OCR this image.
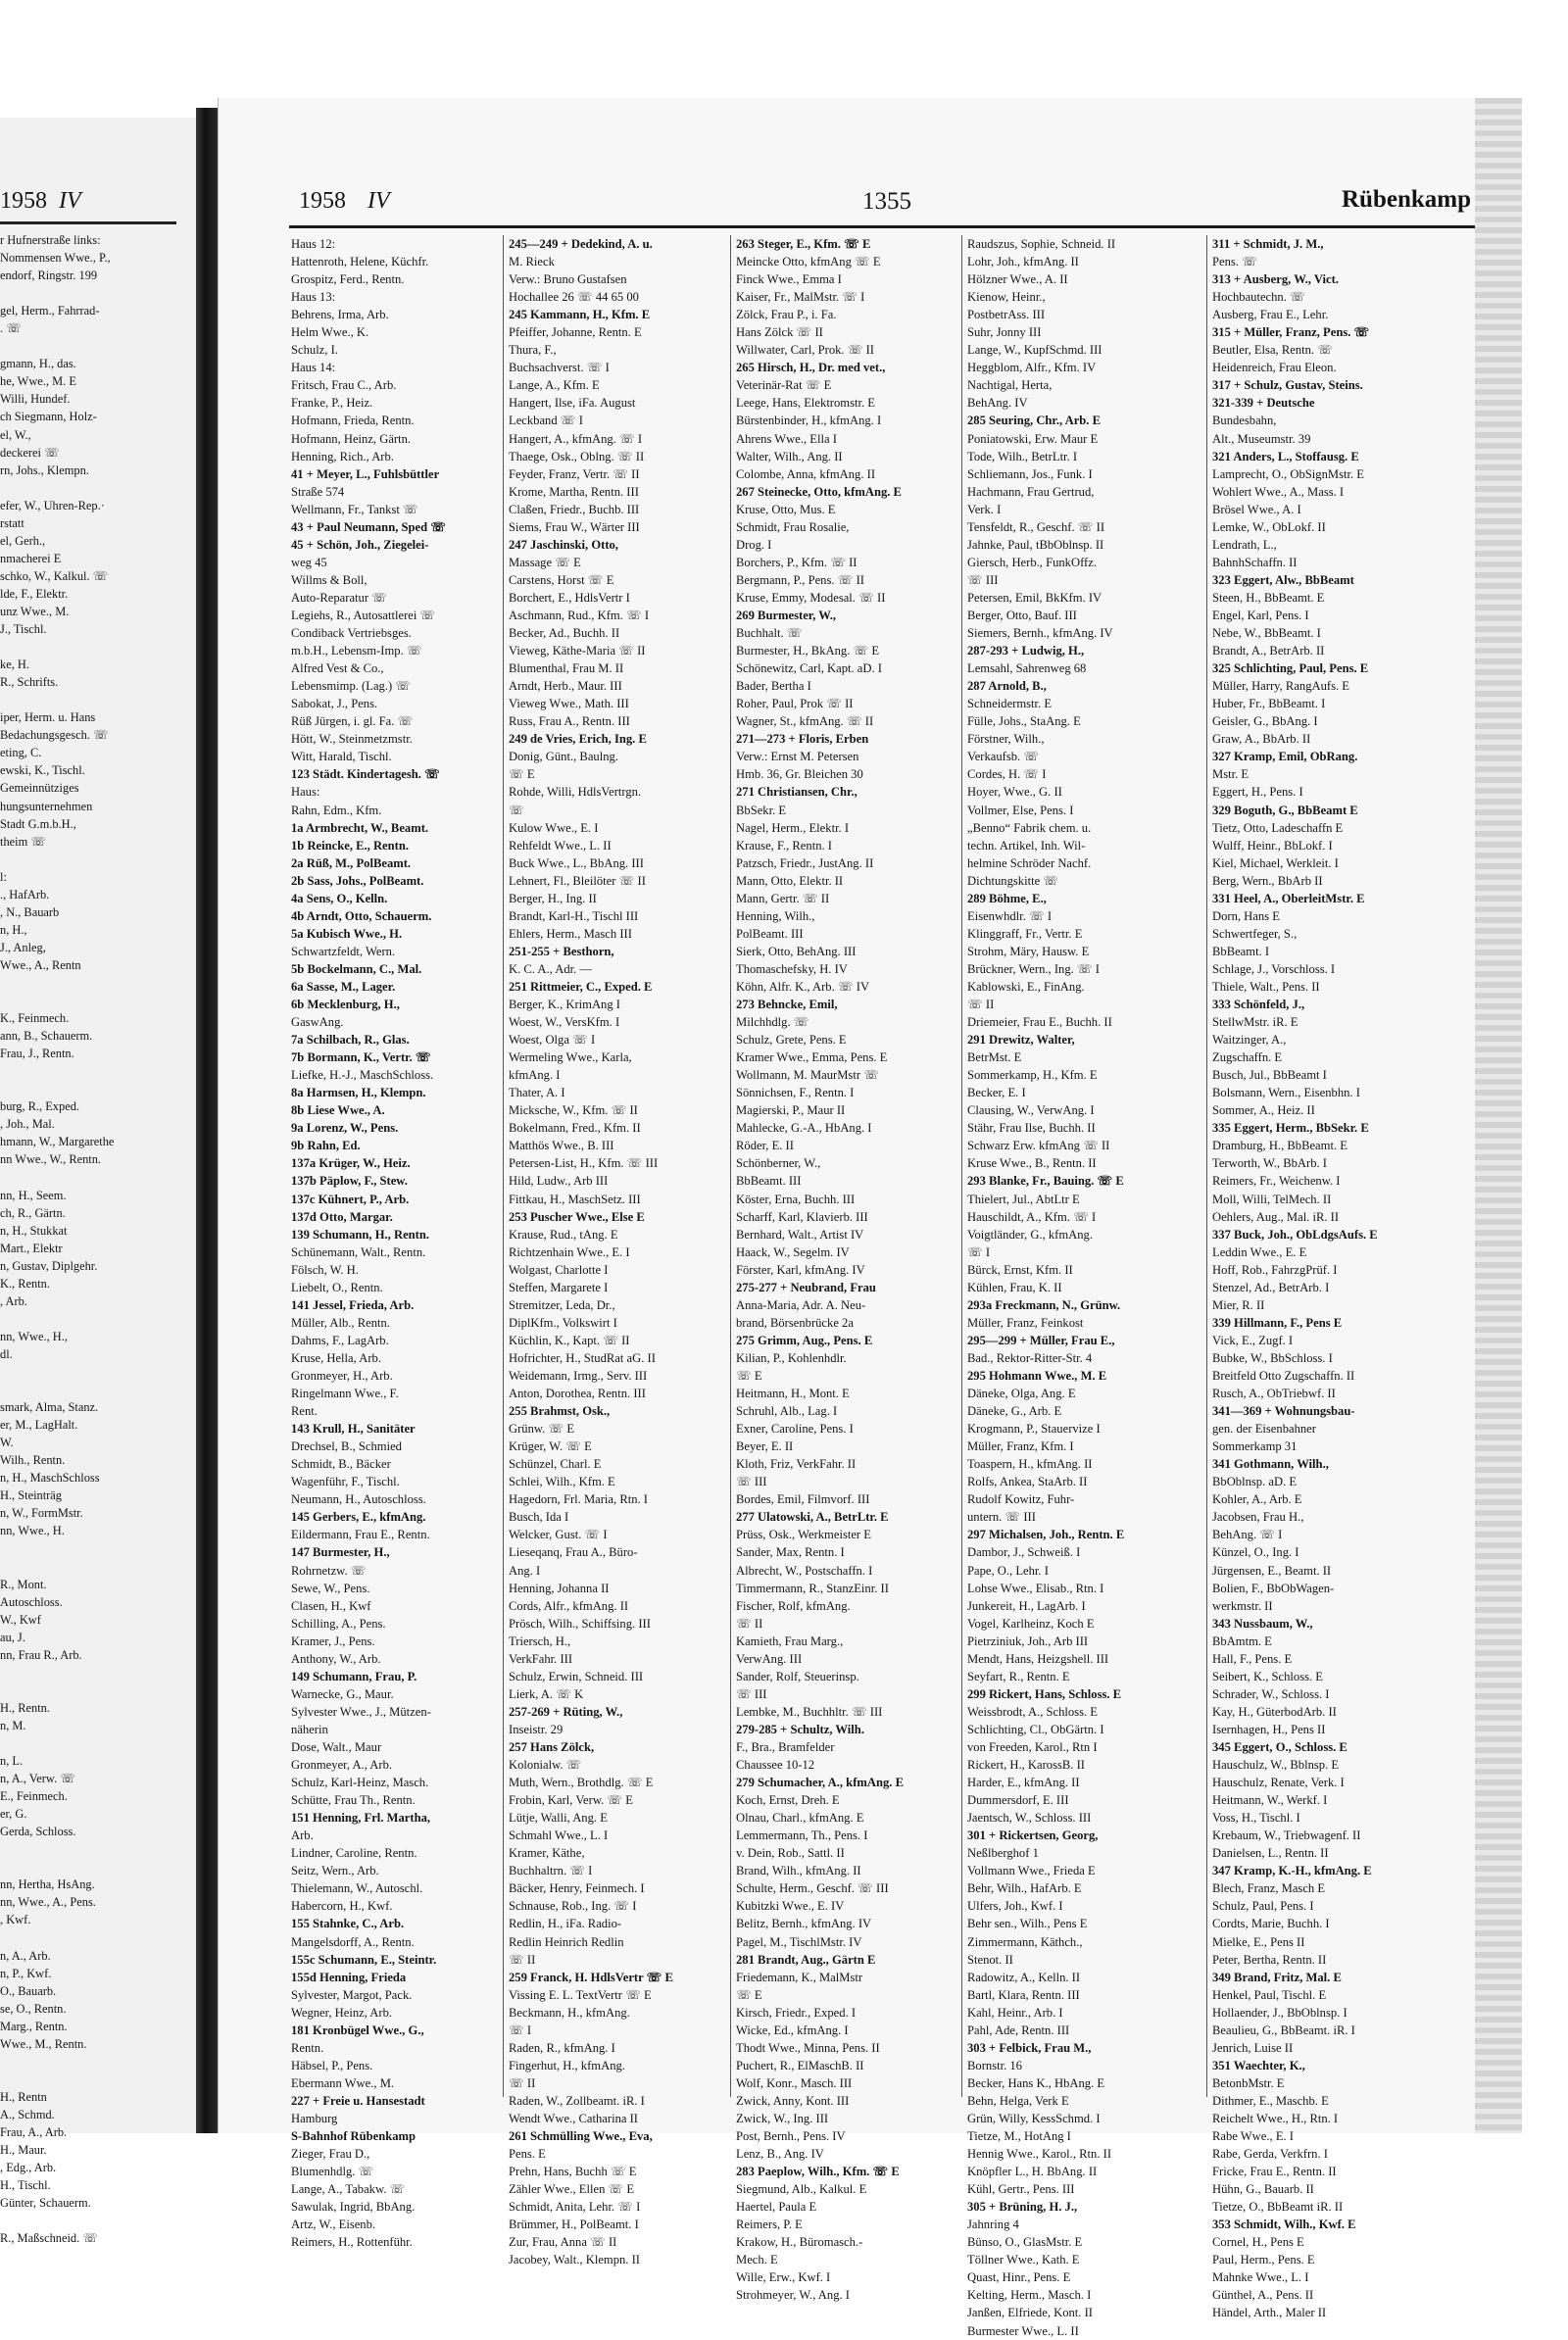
1958 IV
r Hufnerstraße links:
Nommensen Wwe., P.,
endorf, Ringstr. 199
gel, Herm., Fahrrad-
. ☏
gmann, H., das.
he, Wwe., M. E
Willi, Hundef.
ch Siegmann, Holz-
el, W.,
deckerei ☏
rn, Johs., Klempn.
efer, W., Uhren-Rep.·
rstatt
el, Gerh.,
nmacherei E
schko, W., Kalkul. ☏
lde, F., Elektr.
unz Wwe., M.
J., Tischl.
ke, H.
R., Schrifts.
iper, Herm. u. Hans
Bedachungsgesch. ☏
eting, C.
ewski, K., Tischl.
Gemeinnütziges
hungsunternehmen
Stadt G.m.b.H.,
theim ☏
l:
., HafArb.
, N., Bauarb
n, H.,
J., Anleg,
Wwe., A., Rentn
K., Feinmech.
ann, B., Schauerm.
Frau, J., Rentn.
burg, R., Exped.
, Joh., Mal.
hmann, W., Margarethe
nn Wwe., W., Rentn.
nn, H., Seem.
ch, R., Gärtn.
n, H., Stukkat
Mart., Elektr
n, Gustav, Diplgehr.
K., Rentn.
, Arb.
nn, Wwe., H.,
dl.
smark, Alma, Stanz.
er, M., LagHalt.
W.
Wilh., Rentn.
n, H., MaschSchloss
H., Steinträg
n, W., FormMstr.
nn, Wwe., H.
R., Mont.
Autoschloss.
W., Kwf
au, J.
nn, Frau R., Arb.
H., Rentn.
n, M.
n, L.
n, A., Verw. ☏
E., Feinmech.
er, G.
Gerda, Schloss.
nn, Hertha, HsAng.
nn, Wwe., A., Pens.
, Kwf.
n, A., Arb.
n, P., Kwf.
O., Bauarb.
se, O., Rentn.
Marg., Rentn.
Wwe., M., Rentn.
H., Rentn
A., Schmd.
Frau, A., Arb.
H., Maur.
, Edg., Arb.
H., Tischl.
Günter, Schauerm.
R., Maßschneid. ☏
1958 IV	1355	Rübenkamp
Haus 12:
Hattenroth, Helene, Küchfr.
Grospitz, Ferd., Rentn.
Haus 13:
Behrens, Irma, Arb.
Helm Wwe., K.
Schulz, I.
Haus 14:
Fritsch, Frau C., Arb.
Franke, P., Heiz.
Hofmann, Frieda, Rentn.
Hofmann, Heinz, Gärtn.
Henning, Rich., Arb.
41 + Meyer, L., Fuhlsbüttler
Straße 574
Wellmann, Fr., Tankst ☏
43 + Paul Neumann, Sped ☏
45 + Schön, Joh., Ziegelei-
weg 45
Willms & Boll,
Auto-Reparatur ☏
Legiehs, R., Autosattlerei ☏
Condiback Vertriebsges.
m.b.H., Lebensm-Imp. ☏
Alfred Vest & Co.,
Lebensmimp. (Lag.) ☏
Sabokat, J., Pens.
Rüß Jürgen, i. gl. Fa. ☏
Hött, W., Steinmetzmstr.
Witt, Harald, Tischl.
123 Städt. Kindertagesh. ☏
Haus:
Rahn, Edm., Kfm.
1a Armbrecht, W., Beamt.
1b Reincke, E., Rentn.
2a Rüß, M., PolBeamt.
2b Sass, Johs., PolBeamt.
4a Sens, O., Kelln.
4b Arndt, Otto, Schauerm.
5a Kubisch Wwe., H.
Schwartzfeldt, Wern.
5b Bockelmann, C., Mal.
6a Sasse, M., Lager.
6b Mecklenburg, H.,
GaswAng.
7a Schilbach, R., Glas.
7b Bormann, K., Vertr. ☏
Liefke, H.-J., MaschSchloss.
8a Harmsen, H., Klempn.
8b Liese Wwe., A.
9a Lorenz, W., Pens.
9b Rahn, Ed.
137a Krüger, W., Heiz.
137b Päplow, F., Stew.
137c Kühnert, P., Arb.
137d Otto, Margar.
139 Schumann, H., Rentn.
Schünemann, Walt., Rentn.
Fölsch, W. H.
Liebelt, O., Rentn.
141 Jessel, Frieda, Arb.
Müller, Alb., Rentn.
Dahms, F., LagArb.
Kruse, Hella, Arb.
Gronmeyer, H., Arb.
Ringelmann Wwe., F.
Rent.
143 Krull, H., Sanitäter
Drechsel, B., Schmied
Schmidt, B., Bäcker
Wagenführ, F., Tischl.
Neumann, H., Autoschloss.
145 Gerbers, E., kfmAng.
Eildermann, Frau E., Rentn.
147 Burmester, H.,
Rohrnetzw. ☏
Sewe, W., Pens.
Clasen, H., Kwf
Schilling, A., Pens.
Kramer, J., Pens.
Anthony, W., Arb.
149 Schumann, Frau, P.
Warnecke, G., Maur.
Sylvester Wwe., J., Mützen-
näherin
Dose, Walt., Maur
Gronmeyer, A., Arb.
Schulz, Karl-Heinz, Masch.
Schütte, Frau Th., Rentn.
151 Henning, Frl. Martha,
Arb.
Lindner, Caroline, Rentn.
Seitz, Wern., Arb.
Thielemann, W., Autoschl.
Habercorn, H., Kwf.
155 Stahnke, C., Arb.
Mangelsdorff, A., Rentn.
155c Schumann, E., Steintr.
155d Henning, Frieda
Sylvester, Margot, Pack.
Wegner, Heinz, Arb.
181 Kronbügel Wwe., G.,
Rentn.
Häbsel, P., Pens.
Ebermann Wwe., M.
227 + Freie u. Hansestadt
Hamburg
S-Bahnhof Rübenkamp
Zieger, Frau D.,
Blumenhdlg. ☏
Lange, A., Tabakw. ☏
Sawulak, Ingrid, BbAng.
Artz, W., Eisenb.
Reimers, H., Rottenführ.
245—249 + Dedekind, A. u.
M. Rieck
Verw.: Bruno Gustafsen
Hochallee 26 ☏ 44 65 00
245 Kammann, H., Kfm. E
Pfeiffer, Johanne, Rentn. E
Thura, F.,
Buchsachverst. ☏ I
Lange, A., Kfm. E
Hangert, Ilse, iFa. August
Leckband ☏ I
Hangert, A., kfmAng. ☏ I
Thaege, Osk., Oblng. ☏ II
Feyder, Franz, Vertr. ☏ II
Krome, Martha, Rentn. III
Claßen, Friedr., Buchb. III
Siems, Frau W., Wärter III
247 Jaschinski, Otto,
Massage ☏ E
Carstens, Horst ☏ E
Borchert, E., HdlsVertr I
Aschmann, Rud., Kfm. ☏ I
Becker, Ad., Buchh. II
Vieweg, Käthe-Maria ☏ II
Blumenthal, Frau M. II
Arndt, Herb., Maur. III
Vieweg Wwe., Math. III
Russ, Frau A., Rentn. III
249 de Vries, Erich, Ing. E
Donig, Günt., Baulng.
☏ E
Rohde, Willi, HdlsVertrgn.
☏
Kulow Wwe., E. I
Rehfeldt Wwe., L. II
Buck Wwe., L., BbAng. III
Lehnert, Fl., Bleilöter ☏ II
Berger, H., Ing. II
Brandt, Karl-H., Tischl III
Ehlers, Herm., Masch III
251-255 + Besthorn,
K. C. A., Adr. —
251 Rittmeier, C., Exped. E
Berger, K., KrimAng I
Woest, W., VersKfm. I
Woest, Olga ☏ I
Wermeling Wwe., Karla,
kfmAng. I
Thater, A. I
Micksche, W., Kfm. ☏ II
Bokelmann, Fred., Kfm. II
Matthös Wwe., B. III
Petersen-List, H., Kfm. ☏ III
Hild, Ludw., Arb III
Fittkau, H., MaschSetz. III
253 Puscher Wwe., Else E
Krause, Rud., tAng. E
Richtzenhain Wwe., E. I
Wolgast, Charlotte I
Steffen, Margarete I
Stremitzer, Leda, Dr.,
DiplKfm., Volkswirt I
Küchlin, K., Kapt. ☏ II
Hofrichter, H., StudRat aG. II
Weidemann, Irmg., Serv. III
Anton, Dorothea, Rentn. III
255 Brahmst, Osk.,
Grünw. ☏ E
Krüger, W. ☏ E
Schünzel, Charl. E
Schlei, Wilh., Kfm. E
Hagedorn, Frl. Maria, Rtn. I
Busch, Ida I
Welcker, Gust. ☏ I
Lieseqanq, Frau A., Büro-
Ang. I
Henning, Johanna II
Cords, Alfr., kfmAng. II
Prösch, Wilh., Schiffsing. III
Triersch, H.,
VerkFahr. III
Schulz, Erwin, Schneid. III
Lierk, A. ☏ K
257-269 + Rüting, W.,
Inseistr. 29
257 Hans Zölck,
Kolonialw. ☏
Muth, Wern., Brothdlg. ☏ E
Frobin, Karl, Verw. ☏ E
Lütje, Walli, Ang. E
Schmahl Wwe., L. I
Kramer, Käthe,
Buchhaltrn. ☏ I
Bäcker, Henry, Feinmech. I
Schnause, Rob., Ing. ☏ I
Redlin, H., iFa. Radio-
Redlin Heinrich Redlin
☏ II
259 Franck, H. HdlsVertr ☏ E
Vissing E. L. TextVertr ☏ E
Beckmann, H., kfmAng.
☏ I
Raden, R., kfmAng. I
Fingerhut, H., kfmAng.
☏ II
Raden, W., Zollbeamt. iR. I
Wendt Wwe., Catharina II
261 Schmülling Wwe., Eva,
Pens. E
Prehn, Hans, Buchh ☏ E
Zähler Wwe., Ellen ☏ E
Schmidt, Anita, Lehr. ☏ I
Brümmer, H., PolBeamt. I
Zur, Frau, Anna ☏ II
Jacobey, Walt., Klempn. II
263 Steger, E., Kfm. ☏ E
Meincke Otto, kfmAng ☏ E
Finck Wwe., Emma I
Kaiser, Fr., MalMstr. ☏ I
Zölck, Frau P., i. Fa.
Hans Zölck ☏ II
Willwater, Carl, Prok. ☏ II
265 Hirsch, H., Dr. med vet.,
Veterinär-Rat ☏ E
Leege, Hans, Elektromstr. E
Bürstenbinder, H., kfmAng. I
Ahrens Wwe., Ella I
Walter, Wilh., Ang. II
Colombe, Anna, kfmAng. II
267 Steinecke, Otto, kfmAng. E
Kruse, Otto, Mus. E
Schmidt, Frau Rosalie,
Drog. I
Borchers, P., Kfm. ☏ II
Bergmann, P., Pens. ☏ II
Kruse, Emmy, Modesal. ☏ II
269 Burmester, W.,
Buchhalt. ☏
Burmester, H., BkAng. ☏ E
Schönewitz, Carl, Kapt. aD. I
Bader, Bertha I
Roher, Paul, Prok ☏ II
Wagner, St., kfmAng. ☏ II
271—273 + Floris, Erben
Verw.: Ernst M. Petersen
Hmb. 36, Gr. Bleichen 30
271 Christiansen, Chr.,
BbSekr. E
Nagel, Herm., Elektr. I
Krause, F., Rentn. I
Patzsch, Friedr., JustAng. II
Mann, Otto, Elektr. II
Mann, Gertr. ☏ II
Henning, Wilh.,
PolBeamt. III
Sierk, Otto, BehAng. III
Thomaschefsky, H. IV
Köhn, Alfr. K., Arb. ☏ IV
273 Behncke, Emil,
Milchhdlg. ☏
Schulz, Grete, Pens. E
Kramer Wwe., Emma, Pens. E
Wollmann, M. MaurMstr ☏
Sönnichsen, F., Rentn. I
Magierski, P., Maur II
Mahlecke, G.-A., HbAng. I
Röder, E. II
Schönberner, W.,
BbBeamt. III
Köster, Erna, Buchh. III
Scharff, Karl, Klavierb. III
Bernhard, Walt., Artist IV
Haack, W., Segelm. IV
Förster, Karl, kfmAng. IV
275-277 + Neubrand, Frau
Anna-Maria, Adr. A. Neu-
brand, Börsenbrücke 2a
275 Grimm, Aug., Pens. E
Kilian, P., Kohlenhdlr.
☏ E
Heitmann, H., Mont. E
Schruhl, Alb., Lag. I
Exner, Caroline, Pens. I
Beyer, E. II
Kloth, Friz, VerkFahr. II
☏ III
Bordes, Emil, Filmvorf. III
277 Ulatowski, A., BetrLtr. E
Prüss, Osk., Werkmeister E
Sander, Max, Rentn. I
Albrecht, W., Postschaffn. I
Timmermann, R., StanzEinr. II
Fischer, Rolf, kfmAng.
☏ II
Kamieth, Frau Marg.,
VerwAng. III
Sander, Rolf, Steuerinsp.
☏ III
Lembke, M., Buchhltr. ☏ III
279-285 + Schultz, Wilh.
F., Bra., Bramfelder
Chaussee 10-12
279 Schumacher, A., kfmAng. E
Koch, Ernst, Dreh. E
Olnau, Charl., kfmAng. E
Lemmermann, Th., Pens. I
v. Dein, Rob., Sattl. II
Brand, Wilh., kfmAng. II
Schulte, Herm., Geschf. ☏ III
Kubitzki Wwe., E. IV
Belitz, Bernh., kfmAng. IV
Pagel, M., TischlMstr. IV
281 Brandt, Aug., Gärtn E
Friedemann, K., MalMstr
☏ E
Kirsch, Friedr., Exped. I
Wicke, Ed., kfmAng. I
Thodt Wwe., Minna, Pens. II
Puchert, R., ElMaschB. II
Wolf, Konr., Masch. III
Zwick, Anny, Kont. III
Zwick, W., Ing. III
Post, Bernh., Pens. IV
Lenz, B., Ang. IV
283 Paeplow, Wilh., Kfm. ☏ E
Siegmund, Alb., Kalkul. E
Haertel, Paula E
Reimers, P. E
Krakow, H., Büromasch.-
Mech. E
Wille, Erw., Kwf. I
Strohmeyer, W., Ang. I
Raudszus, Sophie, Schneid. II
Lohr, Joh., kfmAng. II
Hölzner Wwe., A. II
Kienow, Heinr.,
PostbetrAss. III
Suhr, Jonny III
Lange, W., KupfSchmd. III
Heggblom, Alfr., Kfm. IV
Nachtigal, Herta,
BehAng. IV
285 Seuring, Chr., Arb. E
Poniatowski, Erw. Maur E
Tode, Wilh., BetrLtr. I
Schliemann, Jos., Funk. I
Hachmann, Frau Gertrud,
Verk. I
Tensfeldt, R., Geschf. ☏ II
Jahnke, Paul, tBbOblnsp. II
Giersch, Herb., FunkOffz.
☏ III
Petersen, Emil, BkKfm. IV
Berger, Otto, Bauf. III
Siemers, Bernh., kfmAng. IV
287-293 + Ludwig, H.,
Lemsahl, Sahrenweg 68
287 Arnold, B.,
Schneidermstr. E
Fülle, Johs., StaAng. E
Förstner, Wilh.,
Verkaufsb. ☏
Cordes, H. ☏ I
Hoyer, Wwe., G. II
Vollmer, Else, Pens. I
„Benno“ Fabrik chem. u.
techn. Artikel, Inh. Wil-
helmine Schröder Nachf.
Dichtungskitte ☏
289 Böhme, E.,
Eisenwhdlr. ☏ I
Klinggraff, Fr., Vertr. E
Strohm, Märy, Hausw. E
Brückner, Wern., Ing. ☏ I
Kablowski, E., FinAng.
☏ II
Driemeier, Frau E., Buchh. II
291 Drewitz, Walter,
BetrMst. E
Sommerkamp, H., Kfm. E
Becker, E. I
Clausing, W., VerwAng. I
Stähr, Frau Ilse, Buchh. II
Schwarz Erw. kfmAng ☏ II
Kruse Wwe., B., Rentn. II
293 Blanke, Fr., Bauing. ☏ E
Thielert, Jul., AbtLtr E
Hauschildt, A., Kfm. ☏ I
Voigtländer, G., kfmAng.
☏ I
Bürck, Ernst, Kfm. II
Kühlen, Frau, K. II
293a Freckmann, N., Grünw.
Müller, Franz, Feinkost
295—299 + Müller, Frau E.,
Bad., Rektor-Ritter-Str. 4
295 Hohmann Wwe., M. E
Däneke, Olga, Ang. E
Däneke, G., Arb. E
Krogmann, P., Stauervize I
Müller, Franz, Kfm. I
Toaspern, H., kfmAng. II
Rolfs, Ankea, StaArb. II
Rudolf Kowitz, Fuhr-
untern. ☏ III
297 Michalsen, Joh., Rentn. E
Dambor, J., Schweiß. I
Pape, O., Lehr. I
Lohse Wwe., Elisab., Rtn. I
Junkereit, H., LagArb. I
Vogel, Karlheinz, Koch E
Pietrziniuk, Joh., Arb III
Mendt, Hans, Heizgshell. III
Seyfart, R., Rentn. E
299 Rickert, Hans, Schloss. E
Weissbrodt, A., Schloss. E
Schlichting, Cl., ObGärtn. I
von Freeden, Karol., Rtn I
Rickert, H., KarossB. II
Harder, E., kfmAng. II
Dummersdorf, E. III
Jaentsch, W., Schloss. III
301 + Rickertsen, Georg,
Neßlberghof 1
Vollmann Wwe., Frieda E
Behr, Wilh., HafArb. E
Ulfers, Joh., Kwf. I
Behr sen., Wilh., Pens E
Zimmermann, Käthch.,
Stenot. II
Radowitz, A., Kelln. II
Bartl, Klara, Rentn. III
Kahl, Heinr., Arb. I
Pahl, Ade, Rentn. III
303 + Felbick, Frau M.,
Bornstr. 16
Becker, Hans K., HbAng. E
Behn, Helga, Verk E
Grün, Willy, KessSchmd. I
Tietze, M., HotAng I
Hennig Wwe., Karol., Rtn. II
Knöpfler L., H. BbAng. II
Kühl, Gertr., Pens. III
305 + Brüning, H. J.,
Jahnring 4
Bünso, O., GlasMstr. E
Töllner Wwe., Kath. E
Quast, Hinr., Pens. E
Kelting, Herm., Masch. I
Janßen, Elfriede, Kont. II
Burmester Wwe., L. II
311 + Schmidt, J. M.,
Pens. ☏
313 + Ausberg, W., Vict.
Hochbautechn. ☏
Ausberg, Frau E., Lehr.
315 + Müller, Franz, Pens. ☏
Beutler, Elsa, Rentn. ☏
Heidenreich, Frau Eleon.
317 + Schulz, Gustav, Steins.
321-339 + Deutsche
Bundesbahn,
Alt., Museumstr. 39
321 Anders, L., Stoffausg. E
Lamprecht, O., ObSignMstr. E
Wohlert Wwe., A., Mass. I
Brösel Wwe., A. I
Lemke, W., ObLokf. II
Lendrath, L.,
BahnhSchaffn. II
323 Eggert, Alw., BbBeamt
Steen, H., BbBeamt. E
Engel, Karl, Pens. I
Nebe, W., BbBeamt. I
Brandt, A., BetrArb. II
325 Schlichting, Paul, Pens. E
Müller, Harry, RangAufs. E
Huber, Fr., BbBeamt. I
Geisler, G., BbAng. I
Graw, A., BbArb. II
327 Kramp, Emil, ObRang.
Mstr. E
Eggert, H., Pens. I
329 Boguth, G., BbBeamt E
Tietz, Otto, Ladeschaffn E
Wulff, Heinr., BbLokf. I
Kiel, Michael, Werkleit. I
Berg, Wern., BbArb II
331 Heel, A., OberleitMstr. E
Dorn, Hans E
Schwertfeger, S.,
BbBeamt. I
Schlage, J., Vorschloss. I
Thiele, Walt., Pens. II
333 Schönfeld, J.,
StellwMstr. iR. E
Waitzinger, A.,
Zugschaffn. E
Busch, Jul., BbBeamt I
Bolsmann, Wern., Eisenbhn. I
Sommer, A., Heiz. II
335 Eggert, Herm., BbSekr. E
Dramburg, H., BbBeamt. E
Terworth, W., BbArb. I
Reimers, Fr., Weichenw. I
Moll, Willi, TelMech. II
Oehlers, Aug., Mal. iR. II
337 Buck, Joh., ObLdgsAufs. E
Leddin Wwe., E. E
Hoff, Rob., FahrzgPrüf. I
Stenzel, Ad., BetrArb. I
Mier, R. II
339 Hillmann, F., Pens E
Vick, E., Zugf. I
Bubke, W., BbSchloss. I
Breitfeld Otto Zugschaffn. II
Rusch, A., ObTriebwf. II
341—369 + Wohnungsbau-
gen. der Eisenbahner
Sommerkamp 31
341 Gothmann, Wilh.,
BbOblnsp. aD. E
Kohler, A., Arb. E
Jacobsen, Frau H.,
BehAng. ☏ I
Künzel, O., Ing. I
Jürgensen, E., Beamt. II
Bolien, F., BbObWagen-
werkmstr. II
343 Nussbaum, W.,
BbAmtm. E
Hall, F., Pens. E
Seibert, K., Schloss. E
Schrader, W., Schloss. I
Kay, H., GüterbodArb. II
Isernhagen, H., Pens II
345 Eggert, O., Schloss. E
Hauschulz, W., Bblnsp. E
Hauschulz, Renate, Verk. I
Heitmann, W., Werkf. I
Voss, H., Tischl. I
Krebaum, W., Triebwagenf. II
Danielsen, L., Rentn. II
347 Kramp, K.-H., kfmAng. E
Blech, Franz, Masch E
Schulz, Paul, Pens. I
Cordts, Marie, Buchh. I
Mielke, E., Pens II
Peter, Bertha, Rentn. II
349 Brand, Fritz, Mal. E
Henkel, Paul, Tischl. E
Hollaender, J., BbOblnsp. I
Beaulieu, G., BbBeamt. iR. I
Jenrich, Luise II
351 Waechter, K.,
BetonbMstr. E
Dithmer, E., Maschb. E
Reichelt Wwe., H., Rtn. I
Rabe Wwe., E. I
Rabe, Gerda, Verkfrn. I
Fricke, Frau E., Rentn. II
Hühn, G., Bauarb. II
Tietze, O., BbBeamt iR. II
353 Schmidt, Wilh., Kwf. E
Cornel, H., Pens E
Paul, Herm., Pens. E
Mahnke Wwe., L. I
Günthel, A., Pens. II
Händel, Arth., Maler II
